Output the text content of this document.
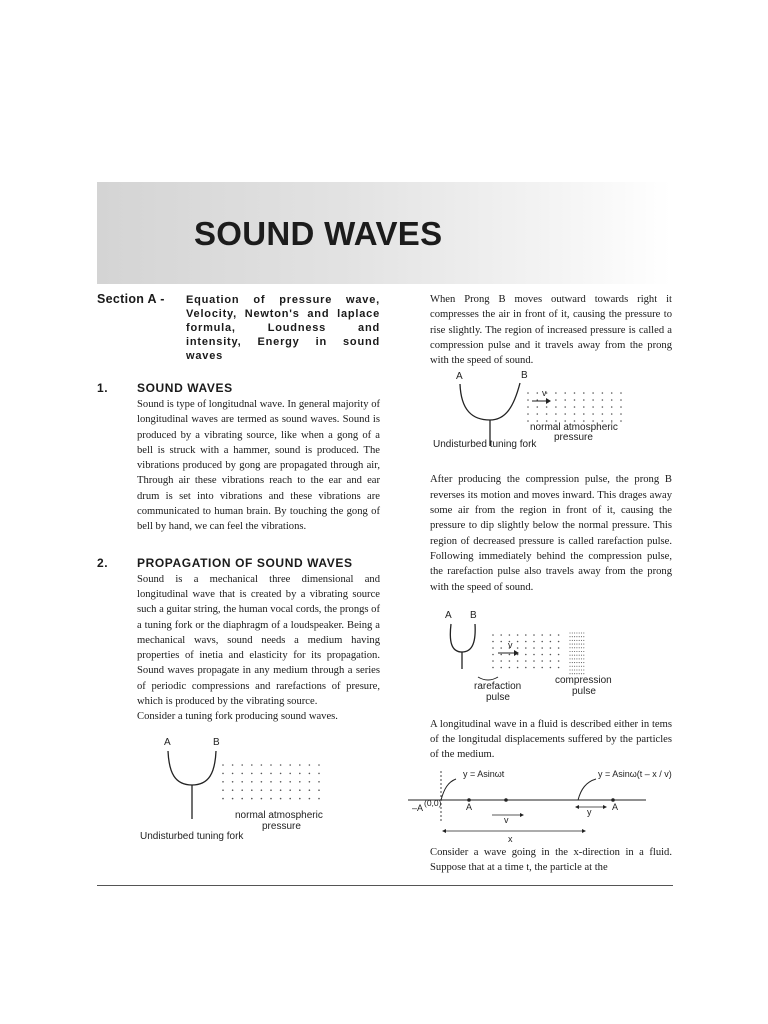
SOUND WAVES
Section A -	Equation of pressure wave, Velocity, Newton's and laplace formula, Loudness and intensity, Energy in sound waves
1.	SOUND WAVES

Sound is type of longitudnal wave. In general majority of longitudinal waves are termed as sound waves. Sound is produced by a vibrating source, like when a gong of a bell is struck with a hammer, sound is produced. The vibrations produced by gong are propagated through air, Through air these vibrations reach to the ear and ear drum is set into vibrations and these vibrations are communicated to human brain. By touching the gong of bell by hand, we can feel the vibrations.

2.	PROPAGATION OF SOUND WAVES

Sound is a mechanical three dimensional and longitudinal wave that is created by a vibrating source such a guitar string, the human vocal cords, the prongs of a tuning fork or the diaphragm of a loudspeaker. Being a mechanical wavs, sound needs a medium having properties of inetia and elasticity for its propagation. Sound waves propagate in any medium through a series of periodic compressions and rarefactions of presure, which is produced by the vibrating source.

Consider a tuning fork producing sound waves.

A	B
normal atmospheric
pressure
Undisturbed tuning fork

When Prong B moves outward towards right it compresses the air in front of it, causing the pressure to rise slightly. The region of increased pressure is called a compression pulse and it travels away from the prong with the speed of sound.

A	B
v
normal atmospheric
pressure
Undisturbed tuning fork

After producing the compression pulse, the prong B reverses its motion and moves inward. This drages away some air from the region in front of it, causing the pressure to dip slightly below the normal pressure. This region of decreased pressure is called rarefaction pulse. Following immediately behind the compression pulse, the rarefaction pulse also travels away from the prong with the speed of sound.

A B
v
rarefaction
pulse
compression
pulse

A longitudinal wave in a fluid is described either in tems of the longitudal displacements suffered by the particles of the medium.

y = Asinωt	y = Asinω(t – x / v)
–A (0,0)	A	A
v
y
x

Consider a wave going in the x-direction in a fluid. Suppose that at a time t, the particle at the
